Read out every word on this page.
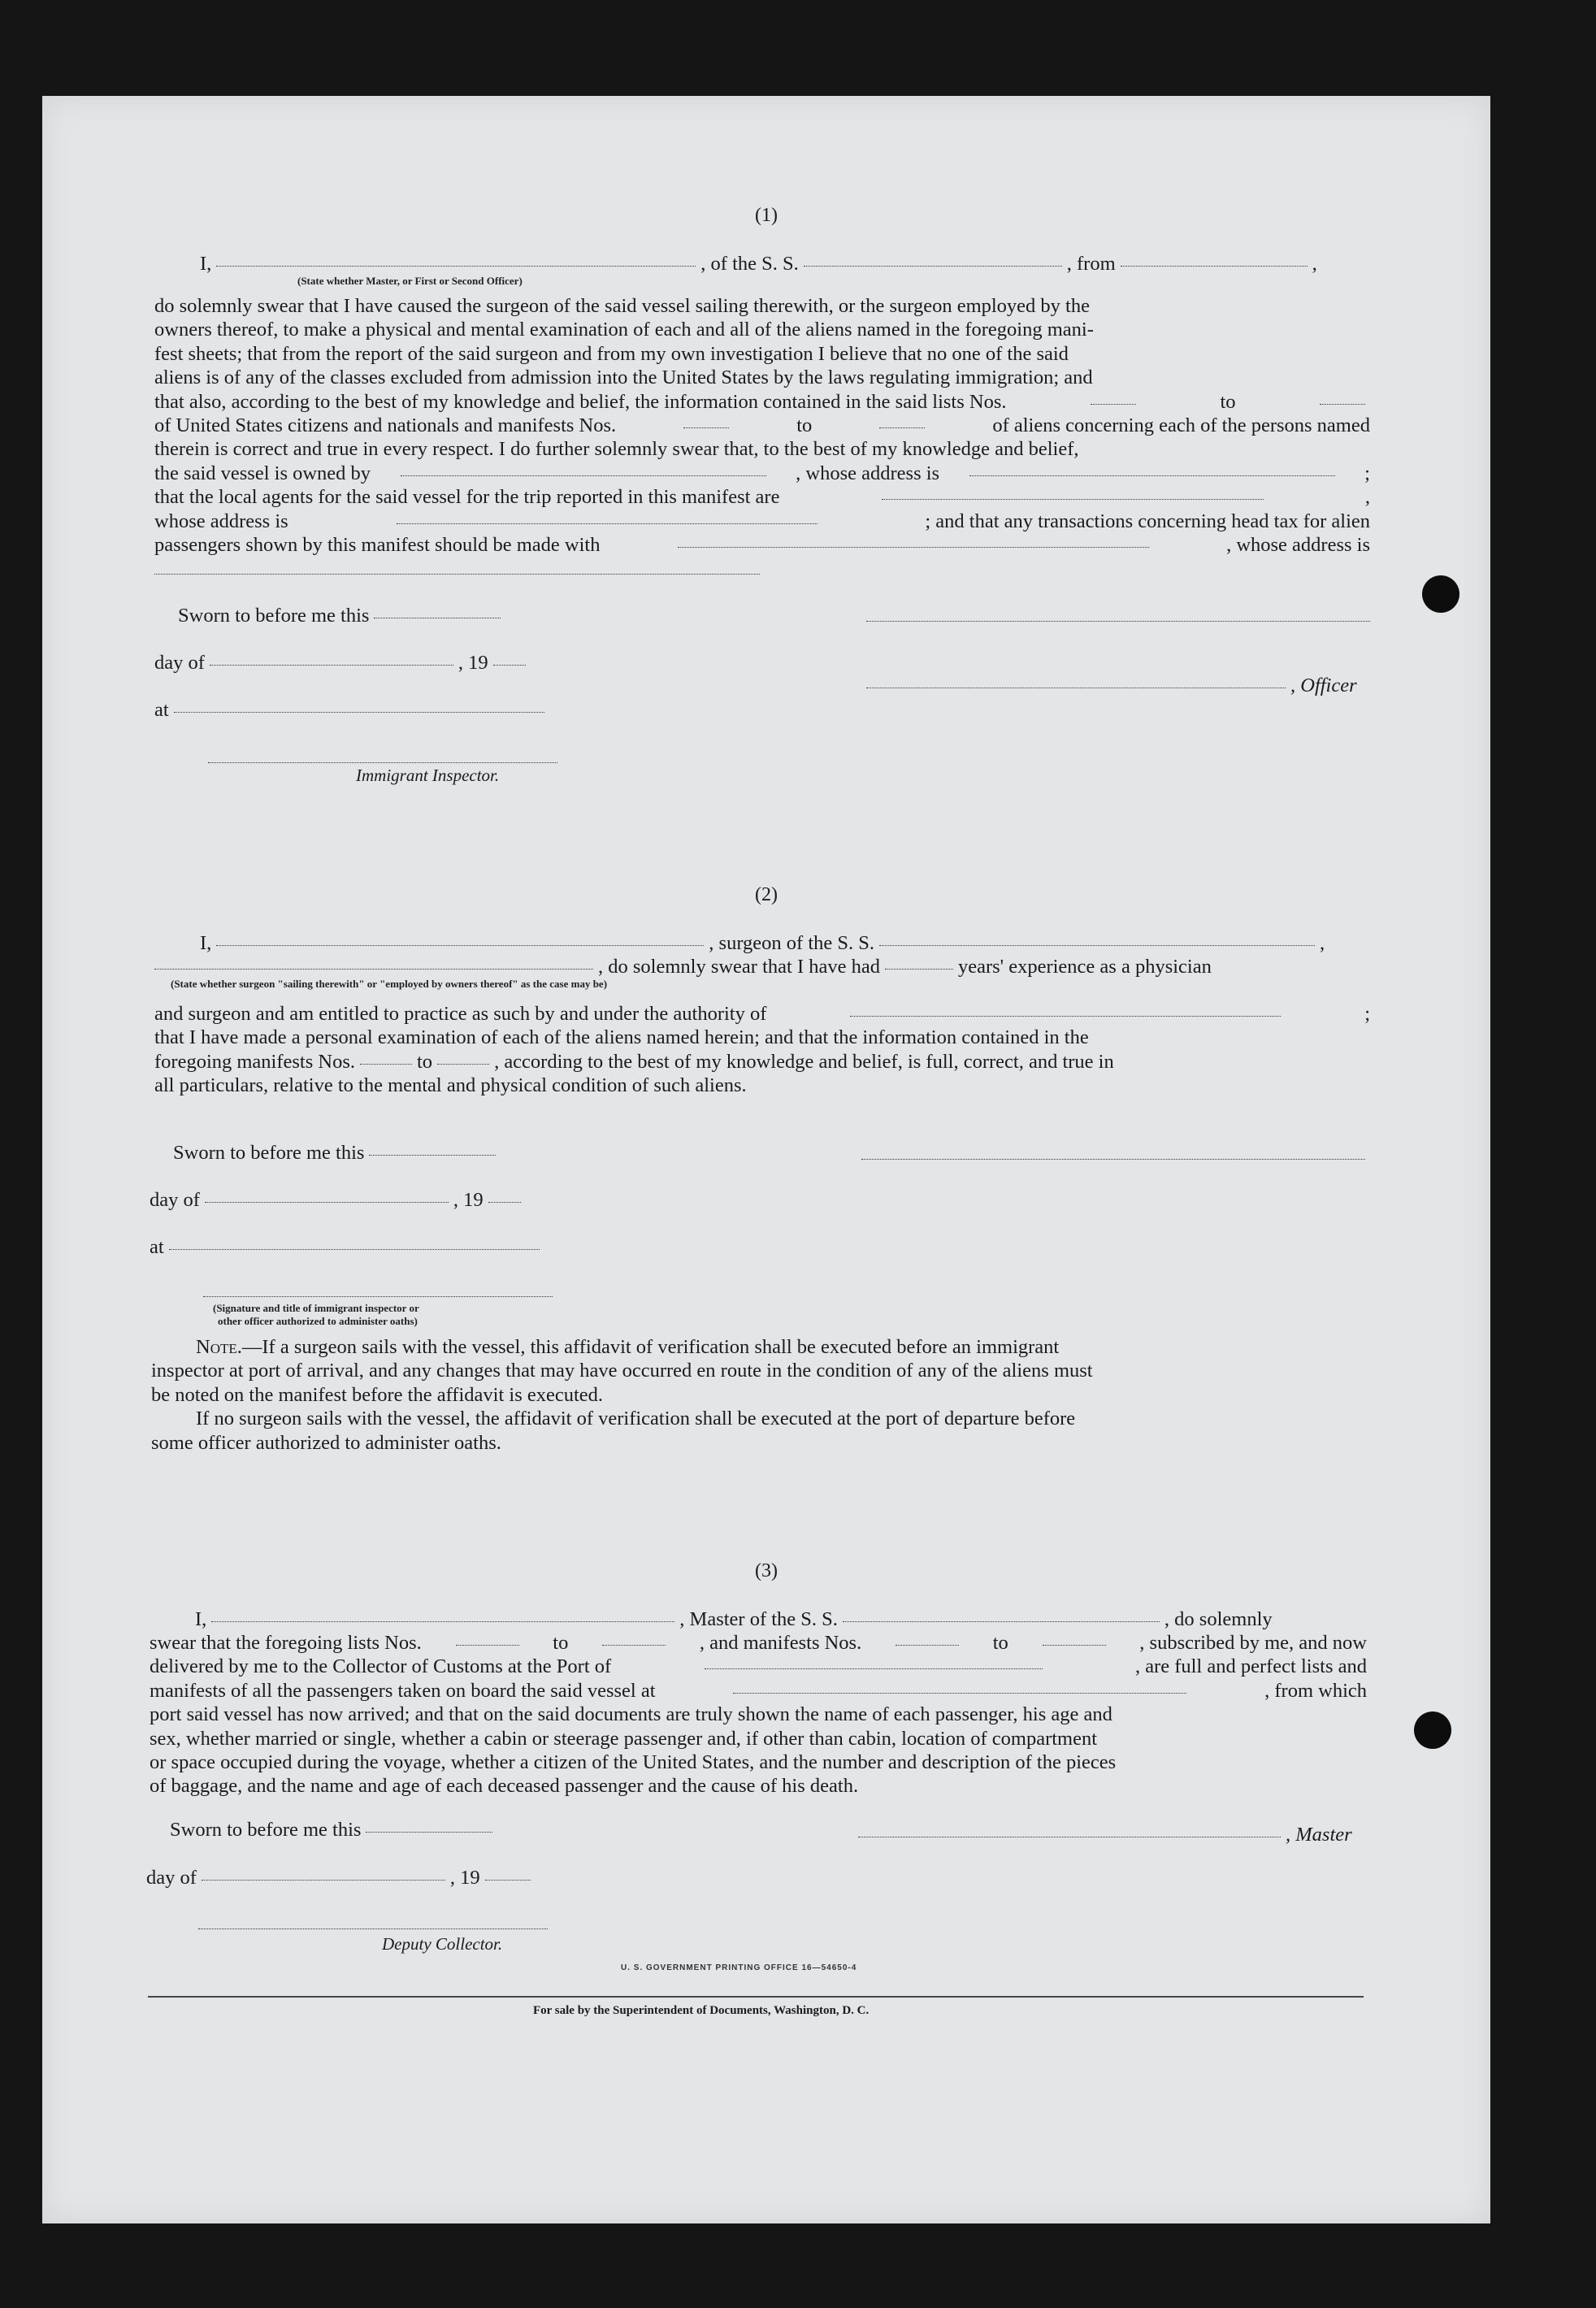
(1)
I,	, of the S. S.	, from	,
(State whether Master, or First or Second Officer)
do solemnly swear that I have caused the surgeon of the said vessel sailing therewith, or the surgeon employed by the
owners thereof, to make a physical and mental examination of each and all of the aliens named in the foregoing mani-
fest sheets; that from the report of the said surgeon and from my own investigation I believe that no one of the said
aliens is of any of the classes excluded from admission into the United States by the laws regulating immigration; and
that also, according to the best of my knowledge and belief, the information contained in the said lists Nos.	to
of United States citizens and nationals and manifests Nos.	to	of aliens concerning each of the persons named
therein is correct and true in every respect. I do further solemnly swear that, to the best of my knowledge and belief,
the said vessel is owned by	, whose address is	;
that the local agents for the said vessel for the trip reported in this manifest are	,
whose address is	; and that any transactions concerning head tax for alien
passengers shown by this manifest should be made with	, whose address is
Sworn to before me this
day of	, 19
at
Immigrant Inspector.
, Officer
(2)
I,	, surgeon of the S. S.	,
, do solemnly swear that I have had	years' experience as a physician
(State whether surgeon "sailing therewith" or "employed by owners thereof" as the case may be)
and surgeon and am entitled to practice as such by and under the authority of	;
that I have made a personal examination of each of the aliens named herein; and that the information contained in the
foregoing manifests Nos.	to	, according to the best of my knowledge and belief, is full, correct, and true in
all particulars, relative to the mental and physical condition of such aliens.
Sworn to before me this
day of	, 19
at
(Signature and title of immigrant inspector or
other officer authorized to administer oaths)
Note.—If a surgeon sails with the vessel, this affidavit of verification shall be executed before an immigrant
inspector at port of arrival, and any changes that may have occurred en route in the condition of any of the aliens must
be noted on the manifest before the affidavit is executed.
If no surgeon sails with the vessel, the affidavit of verification shall be executed at the port of departure before
some officer authorized to administer oaths.
(3)
I,	, Master of the S. S.	, do solemnly
swear that the foregoing lists Nos.	to	, and manifests Nos.	to	, subscribed by me, and now
delivered by me to the Collector of Customs at the Port of	, are full and perfect lists and
manifests of all the passengers taken on board the said vessel at	, from which
port said vessel has now arrived; and that on the said documents are truly shown the name of each passenger, his age and
sex, whether married or single, whether a cabin or steerage passenger and, if other than cabin, location of compartment
or space occupied during the voyage, whether a citizen of the United States, and the number and description of the pieces
of baggage, and the name and age of each deceased passenger and the cause of his death.
Sworn to before me this
day of	, 19
Deputy Collector.
, Master
U. S. GOVERNMENT PRINTING OFFICE 16—54650-4
For sale by the Superintendent of Documents, Washington, D. C.
